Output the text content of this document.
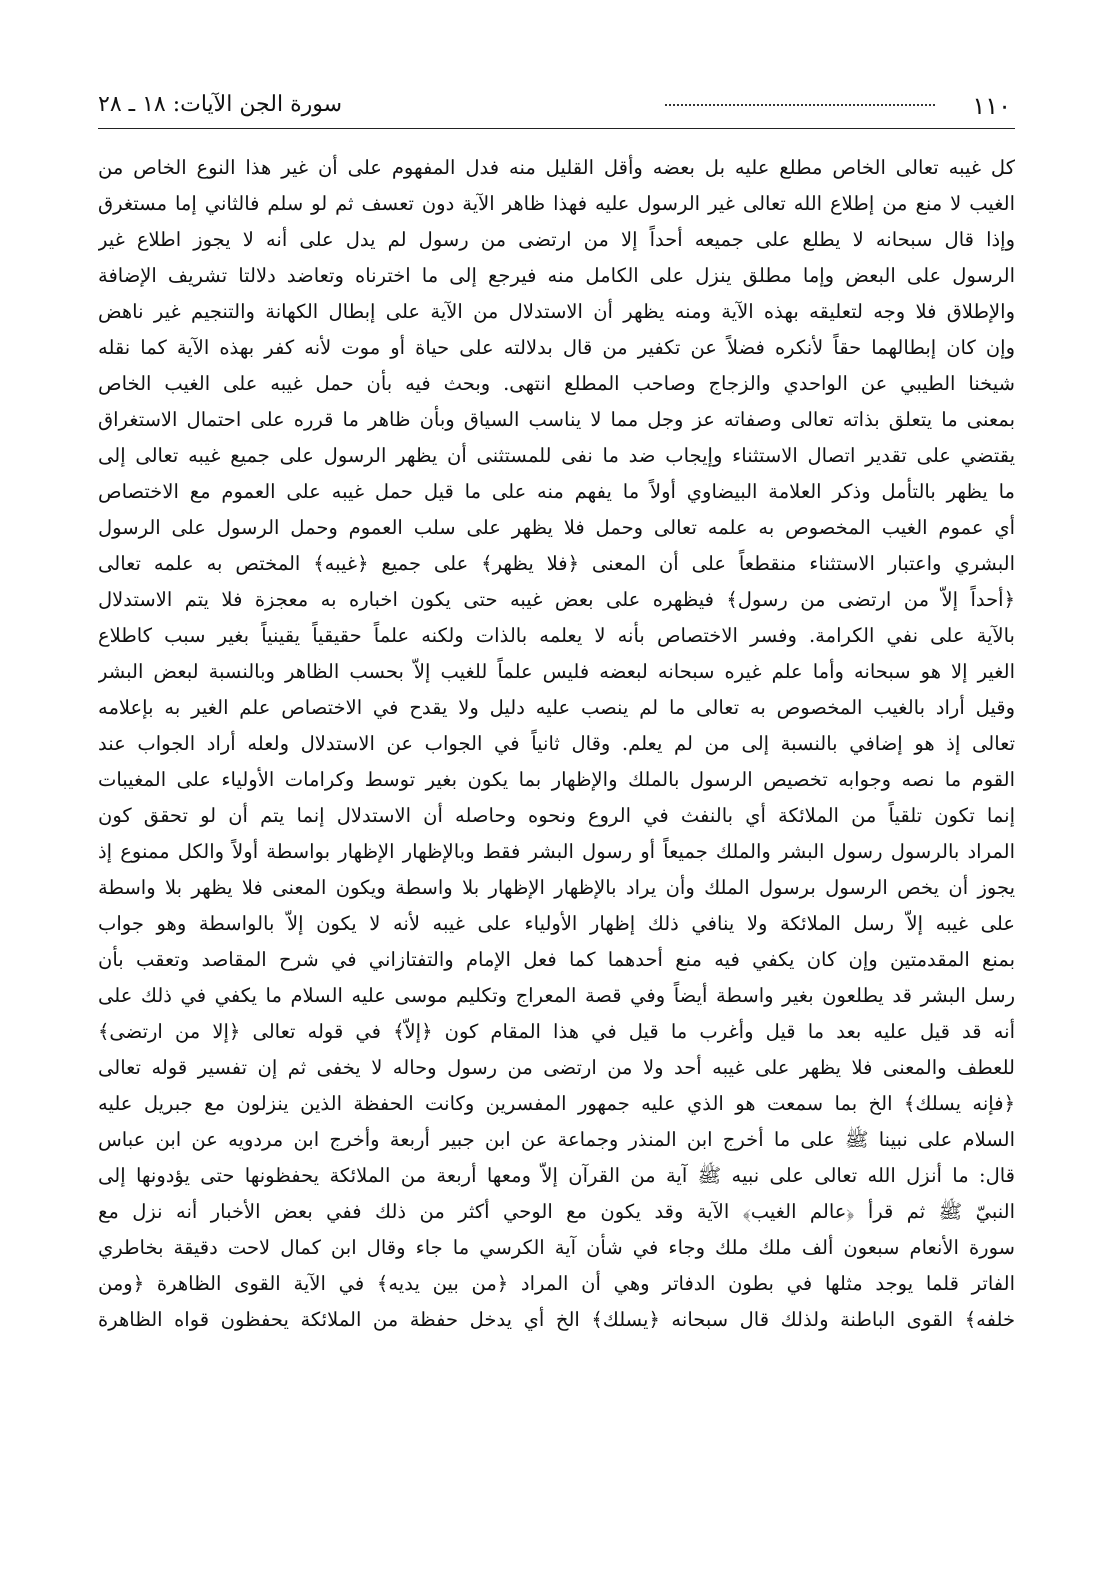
١١٠
سورة الجن الآيات: ١٨ ـ ٢٨
كل غيبه تعالى الخاص مطلع عليه بل بعضه وأقل القليل منه فدل المفهوم على أن غير هذا النوع الخاص من
الغيب لا منع من إطلاع الله تعالى غير الرسول عليه فهذا ظاهر الآية دون تعسف ثم لو سلم فالثاني إما مستغرق
وإذا قال سبحانه لا يطلع على جميعه أحداً إلا من ارتضى من رسول لم يدل على أنه لا يجوز اطلاع غير
الرسول على البعض وإما مطلق ينزل على الكامل منه فيرجع إلى ما اخترناه وتعاضد دلالتا تشريف الإضافة
والإطلاق فلا وجه لتعليقه بهذه الآية ومنه يظهر أن الاستدلال من الآية على إبطال الكهانة والتنجيم غير ناهض
وإن كان إبطالهما حقاً لأنكره فضلاً عن تكفير من قال بدلالته على حياة أو موت لأنه كفر بهذه الآية كما نقله
شيخنا الطيبي عن الواحدي والزجاج وصاحب المطلع انتهى. وبحث فيه بأن حمل غيبه على الغيب الخاص
بمعنى ما يتعلق بذاته تعالى وصفاته عز وجل مما لا يناسب السياق وبأن ظاهر ما قرره على احتمال الاستغراق
يقتضي على تقدير اتصال الاستثناء وإيجاب ضد ما نفى للمستثنى أن يظهر الرسول على جميع غيبه تعالى إلى
ما يظهر بالتأمل وذكر العلامة البيضاوي أولاً ما يفهم منه على ما قيل حمل غيبه على العموم مع الاختصاص
أي عموم الغيب المخصوص به علمه تعالى وحمل فلا يظهر على سلب العموم وحمل الرسول على الرسول
البشري واعتبار الاستثناء منقطعاً على أن المعنى ﴿فلا يظهر﴾ على جميع ﴿غيبه﴾ المختص به علمه تعالى
﴿أحداً إلاّ من ارتضى من رسول﴾ فيظهره على بعض غيبه حتى يكون اخباره به معجزة فلا يتم الاستدلال
بالآية على نفي الكرامة. وفسر الاختصاص بأنه لا يعلمه بالذات ولكنه علماً حقيقياً يقينياً بغير سبب كاطلاع
الغير إلا هو سبحانه وأما علم غيره سبحانه لبعضه فليس علماً للغيب إلاّ بحسب الظاهر وبالنسبة لبعض البشر
وقيل أراد بالغيب المخصوص به تعالى ما لم ينصب عليه دليل ولا يقدح في الاختصاص علم الغير به بإعلامه
تعالى إذ هو إضافي بالنسبة إلى من لم يعلم. وقال ثانياً في الجواب عن الاستدلال ولعله أراد الجواب عند
القوم ما نصه وجوابه تخصيص الرسول بالملك والإظهار بما يكون بغير توسط وكرامات الأولياء على المغيبات
إنما تكون تلقياً من الملائكة أي بالنفث في الروع ونحوه وحاصله أن الاستدلال إنما يتم أن لو تحقق كون
المراد بالرسول رسول البشر والملك جميعاً أو رسول البشر فقط وبالإظهار الإظهار بواسطة أولاً والكل ممنوع إذ
يجوز أن يخص الرسول برسول الملك وأن يراد بالإظهار الإظهار بلا واسطة ويكون المعنى فلا يظهر بلا واسطة
على غيبه إلاّ رسل الملائكة ولا ينافي ذلك إظهار الأولياء على غيبه لأنه لا يكون إلاّ بالواسطة وهو جواب
بمنع المقدمتين وإن كان يكفي فيه منع أحدهما كما فعل الإمام والتفتازاني في شرح المقاصد وتعقب بأن
رسل البشر قد يطلعون بغير واسطة أيضاً وفي قصة المعراج وتكليم موسى عليه السلام ما يكفي في ذلك على
أنه قد قيل عليه بعد ما قيل وأغرب ما قيل في هذا المقام كون ﴿إلاّ﴾ في قوله تعالى ﴿إلا من ارتضى﴾
للعطف والمعنى فلا يظهر على غيبه أحد ولا من ارتضى من رسول وحاله لا يخفى ثم إن تفسير قوله تعالى
﴿فإنه يسلك﴾ الخ بما سمعت هو الذي عليه جمهور المفسرين وكانت الحفظة الذين ينزلون مع جبريل عليه
السلام على نبينا ﷺ على ما أخرج ابن المنذر وجماعة عن ابن جبير أربعة وأخرج ابن مردويه عن ابن عباس
قال: ما أنزل الله تعالى على نبيه ﷺ آية من القرآن إلاّ ومعها أربعة من الملائكة يحفظونها حتى يؤدونها إلى
النبيّ ﷺ ثم قرأ ﴿عالم الغيب﴾ الآية وقد يكون مع الوحي أكثر من ذلك ففي بعض الأخبار أنه نزل مع
سورة الأنعام سبعون ألف ملك ملك وجاء في شأن آية الكرسي ما جاء وقال ابن كمال لاحت دقيقة بخاطري
الفاتر قلما يوجد مثلها في بطون الدفاتر وهي أن المراد ﴿من بين يديه﴾ في الآية القوى الظاهرة ﴿ومن
خلفه﴾ القوى الباطنة ولذلك قال سبحانه ﴿يسلك﴾ الخ أي يدخل حفظة من الملائكة يحفظون قواه الظاهرة
